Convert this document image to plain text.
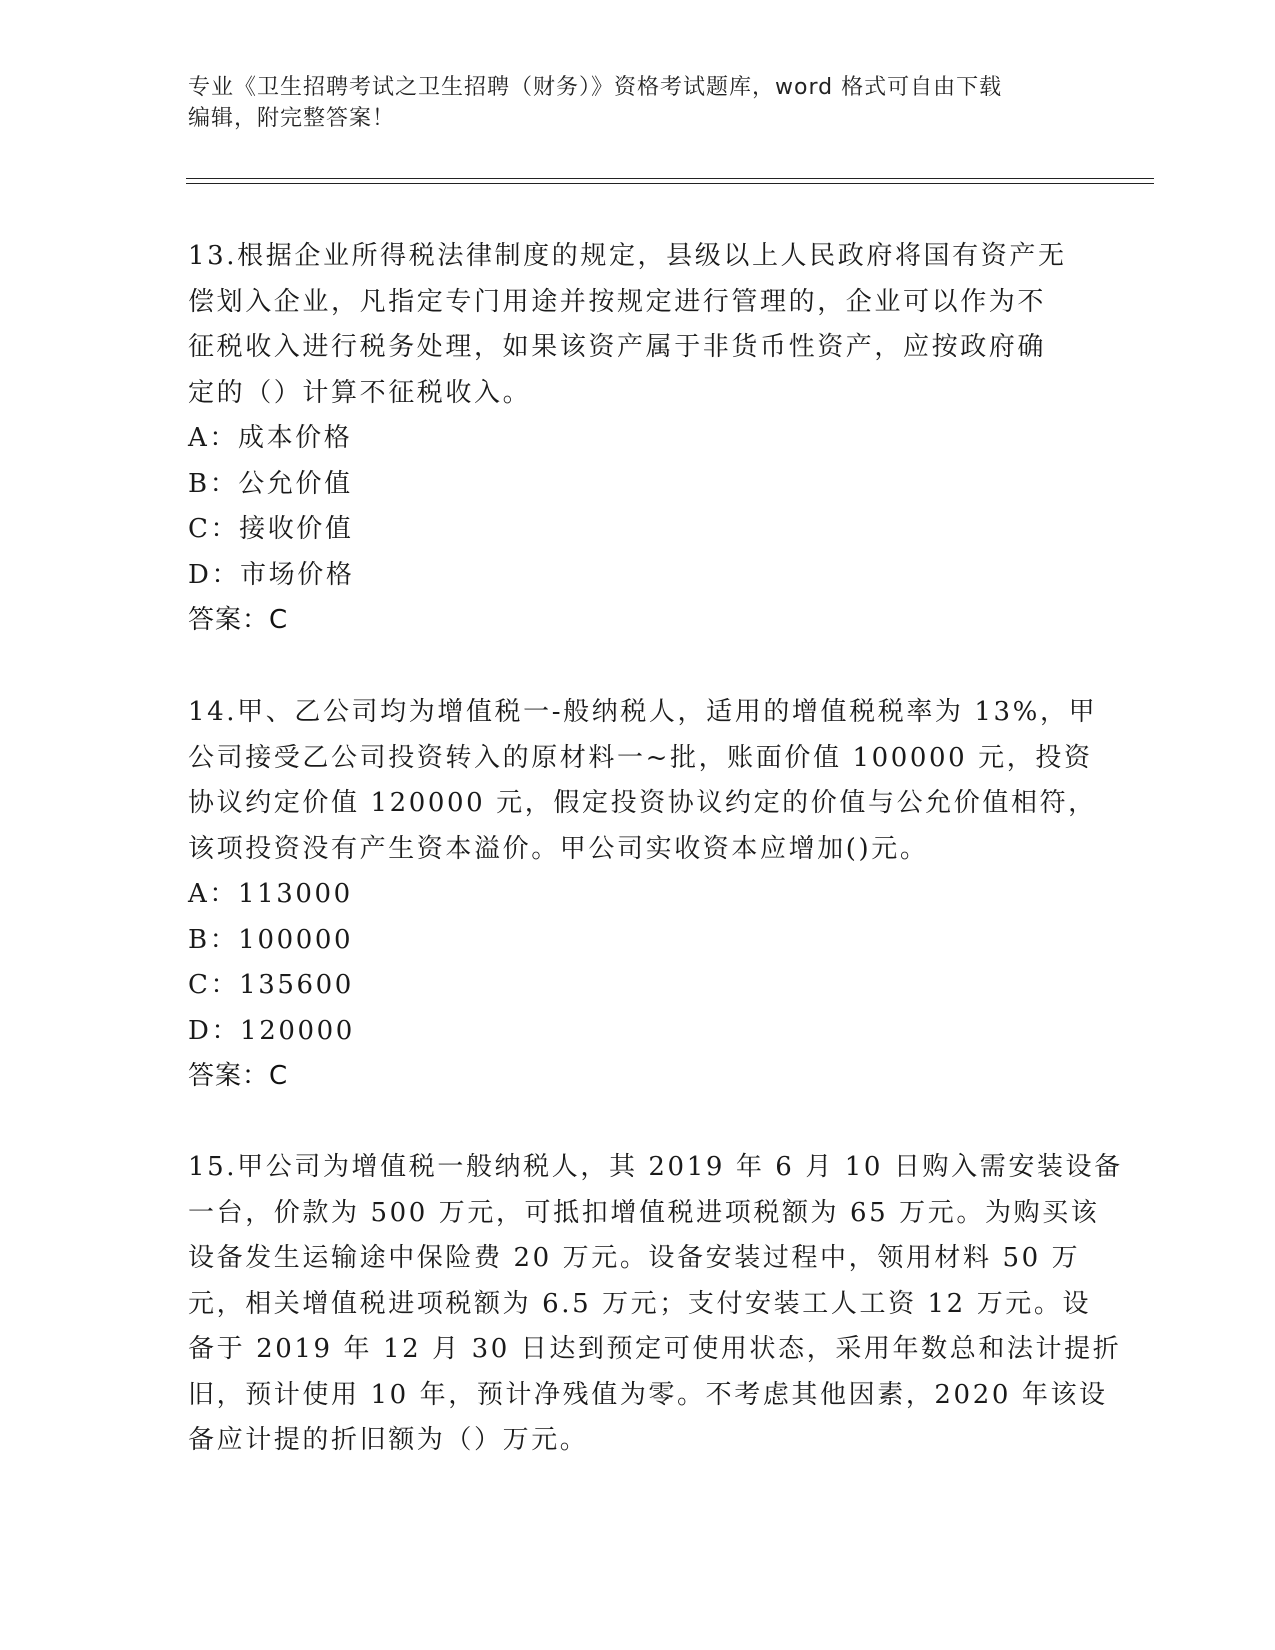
专业《卫生招聘考试之卫生招聘（财务）》资格考试题库，word 格式可自由下载
编辑，附完整答案！

13.根据企业所得税法律制度的规定，县级以上人民政府将国有资产无
偿划入企业，凡指定专门用途并按规定进行管理的，企业可以作为不
征税收入进行税务处理，如果该资产属于非货币性资产，应按政府确
定的（）计算不征税收入。

A：成本价格

B：公允价值

C：接收价值

D：市场价格

答案：C

14.甲、乙公司均为增值税一-般纳税人，适用的增值税税率为 13%，甲
公司接受乙公司投资转入的原材料一~批，账面价值 100000 元，投资
协议约定价值 120000 元，假定投资协议约定的价值与公允价值相符，
该项投资没有产生资本溢价。甲公司实收资本应增加()元。

A：113000

B：100000

C：135600

D：120000

答案：C

15.甲公司为增值税一般纳税人，其 2019 年 6 月 10 日购入需安装设备
一台，价款为 500 万元，可抵扣增值税进项税额为 65 万元。为购买该
设备发生运输途中保险费 20 万元。设备安装过程中，领用材料 50 万
元，相关增值税进项税额为 6.5 万元；支付安装工人工资 12 万元。设
备于 2019 年 12 月 30 日达到预定可使用状态，采用年数总和法计提折
旧，预计使用 10 年，预计净残值为零。不考虑其他因素，2020 年该设
备应计提的折旧额为（）万元。
